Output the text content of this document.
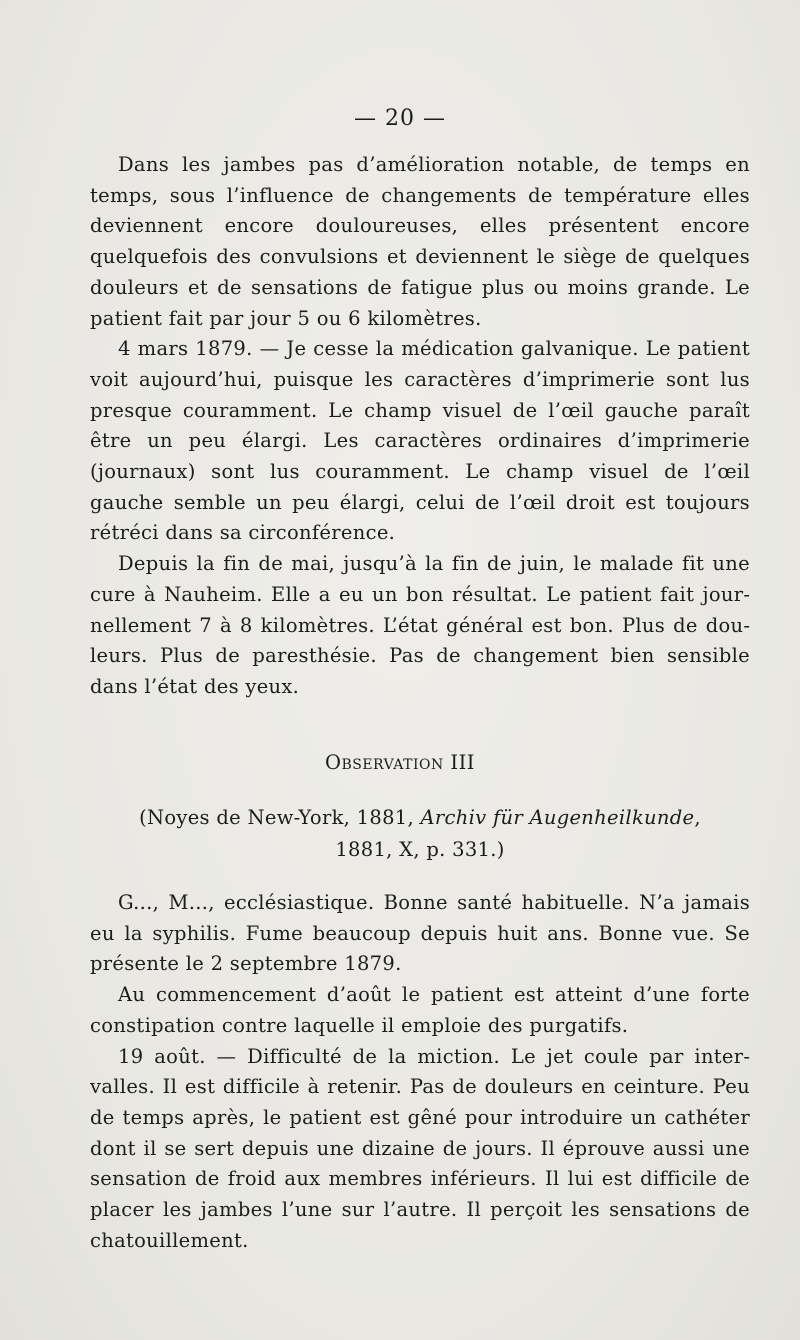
— 20 —

Dans les jambes pas d’amélioration notable, de temps en temps, sous l’influence de changements de température elles deviennent encore douloureuses, elles présentent encore quelquefois des convulsions et deviennent le siège de quelques douleurs et de sensations de fatigue plus ou moins grande. Le patient fait par jour 5 ou 6 kilomètres.

4 mars 1879. — Je cesse la médication galvanique. Le patient voit aujourd’hui, puisque les caractères d’imprimerie sont lus presque couramment. Le champ visuel de l’œil gauche paraît être un peu élargi. Les caractères ordinaires d’imprimerie (journaux) sont lus couramment. Le champ visuel de l’œil gauche semble un peu élargi, celui de l’œil droit est toujours rétréci dans sa circonférence.

Depuis la fin de mai, jusqu’à la fin de juin, le malade fit une cure à Nauheim. Elle a eu un bon résultat. Le patient fait journellement 7 à 8 kilomètres. L’état général est bon. Plus de douleurs. Plus de paresthésie. Pas de changement bien sensible dans l’état des yeux.

Observation III
(Noyes de New-York, 1881, Archiv für Augenheilkunde,
1881, X, p. 331.)

G..., M..., ecclésiastique. Bonne santé habituelle. N’a jamais eu la syphilis. Fume beaucoup depuis huit ans. Bonne vue. Se présente le 2 septembre 1879.

Au commencement d’août le patient est atteint d’une forte constipation contre laquelle il emploie des purgatifs.

19 août. — Difficulté de la miction. Le jet coule par intervalles. Il est difficile à retenir. Pas de douleurs en ceinture. Peu de temps après, le patient est gêné pour introduire un cathéter dont il se sert depuis une dizaine de jours. Il éprouve aussi une sensation de froid aux membres inférieurs. Il lui est difficile de placer les jambes l’une sur l’autre. Il perçoit les sensations de chatouillement.
